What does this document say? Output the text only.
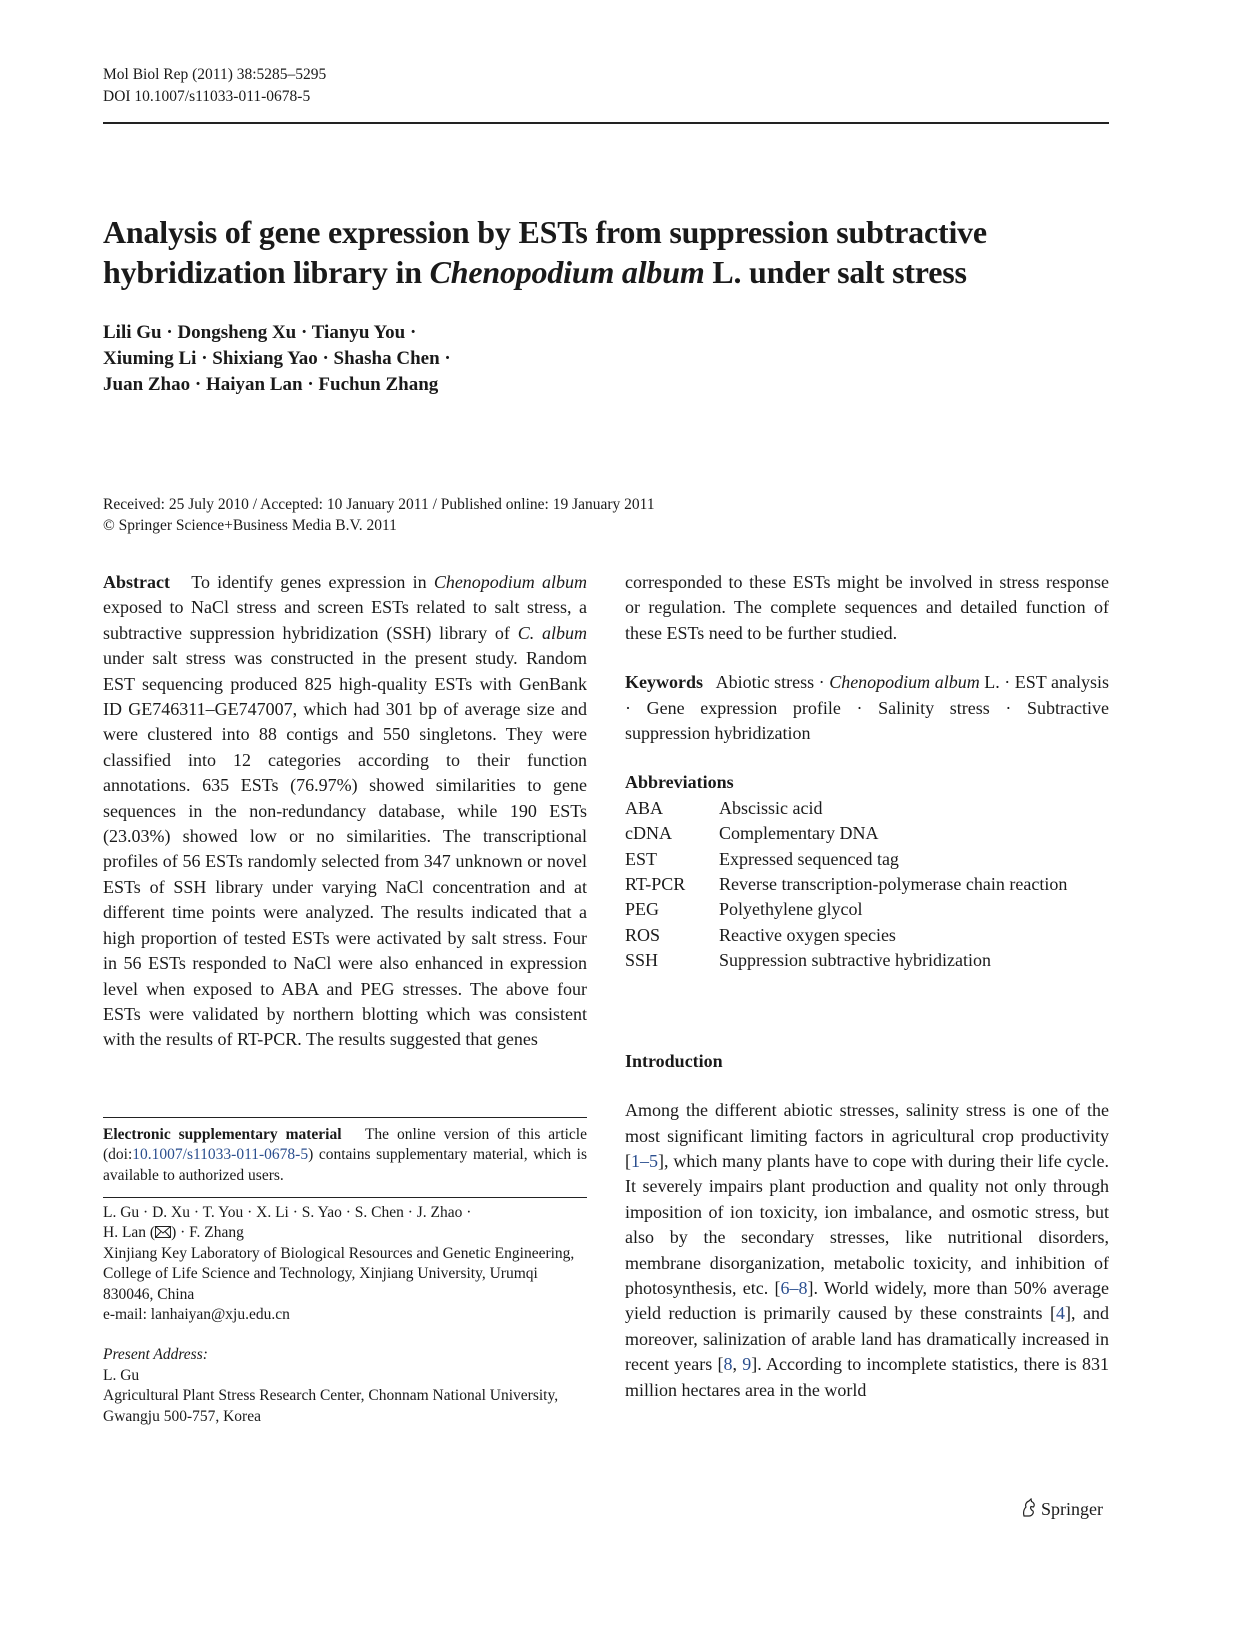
Mol Biol Rep (2011) 38:5285–5295
DOI 10.1007/s11033-011-0678-5
Analysis of gene expression by ESTs from suppression subtractive hybridization library in Chenopodium album L. under salt stress
Lili Gu · Dongsheng Xu · Tianyu You ·
Xiuming Li · Shixiang Yao · Shasha Chen ·
Juan Zhao · Haiyan Lan · Fuchun Zhang
Received: 25 July 2010 / Accepted: 10 January 2011 / Published online: 19 January 2011
© Springer Science+Business Media B.V. 2011

Abstract To identify genes expression in Chenopodium album exposed to NaCl stress and screen ESTs related to salt stress, a subtractive suppression hybridization (SSH) library of C. album under salt stress was constructed in the present study. Random EST sequencing produced 825 high-quality ESTs with GenBank ID GE746311–GE747007, which had 301 bp of average size and were clustered into 88 contigs and 550 singletons. They were classified into 12 categories according to their function annotations. 635 ESTs (76.97%) showed similarities to gene sequences in the non-redundancy database, while 190 ESTs (23.03%) showed low or no similarities. The transcriptional profiles of 56 ESTs randomly selected from 347 unknown or novel ESTs of SSH library under varying NaCl concentration and at different time points were analyzed. The results indicated that a high proportion of tested ESTs were activated by salt stress. Four in 56 ESTs responded to NaCl were also enhanced in expression level when exposed to ABA and PEG stresses. The above four ESTs were validated by northern blotting which was consistent with the results of RT-PCR. The results suggested that genes

Electronic supplementary material The online version of this article (doi:10.1007/s11033-011-0678-5) contains supplementary material, which is available to authorized users.

L. Gu · D. Xu · T. You · X. Li · S. Yao · S. Chen · J. Zhao ·

H. Lan ( ) · F. Zhang

Xinjiang Key Laboratory of Biological Resources and Genetic Engineering, College of Life Science and Technology, Xinjiang University, Urumqi 830046, China

e-mail: lanhaiyan@xju.edu.cn

Present Address:

L. Gu

Agricultural Plant Stress Research Center, Chonnam National University, Gwangju 500-757, Korea

corresponded to these ESTs might be involved in stress response or regulation. The complete sequences and detailed function of these ESTs need to be further studied.

Keywords Abiotic stress · Chenopodium album L. · EST analysis · Gene expression profile · Salinity stress · Subtractive suppression hybridization

Abbreviations

ABA	Abscissic acid
cDNA	Complementary DNA
EST	Expressed sequenced tag
RT-PCR	Reverse transcription-polymerase chain reaction
PEG	Polyethylene glycol
ROS	Reactive oxygen species
SSH	Suppression subtractive hybridization

Introduction

Among the different abiotic stresses, salinity stress is one of the most significant limiting factors in agricultural crop productivity [1–5], which many plants have to cope with during their life cycle. It severely impairs plant production and quality not only through imposition of ion toxicity, ion imbalance, and osmotic stress, but also by the secondary stresses, like nutritional disorders, membrane disorganization, metabolic toxicity, and inhibition of photosynthesis, etc. [6–8]. World widely, more than 50% average yield reduction is primarily caused by these constraints [4], and moreover, salinization of arable land has dramatically increased in recent years [8, 9]. According to incomplete statistics, there is 831 million hectares area in the world

Springer
